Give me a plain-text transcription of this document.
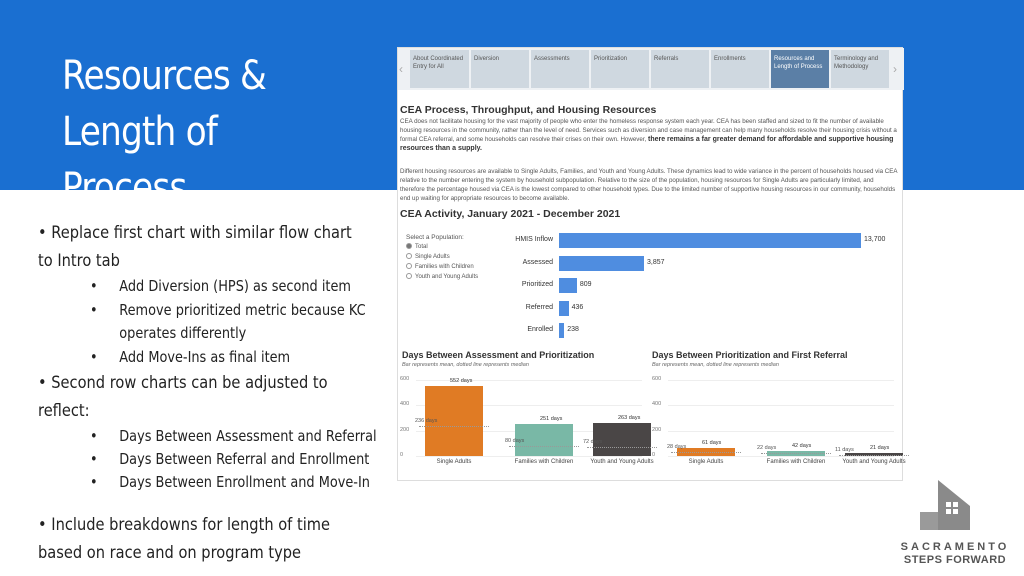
Resources &
Length of Process
• Replace first chart with similar flow chart
to Intro tab
• Add Diversion (HPS) as second item
• Remove prioritized metric because KC
operates differently
• Add Move-Ins as final item
• Second row charts can be adjusted to
reflect:
• Days Between Assessment and Referral
• Days Between Referral and Enrollment
• Days Between Enrollment and Move-In
• Include breakdowns for length of time
based on race and on program type
‹
About Coordinated Entry for All
Diversion	Assessments	Prioritization	Referrals	Enrollments	Resources and Length of Process
Terminology and Methodology	›
CEA Process, Throughput, and Housing Resources
CEA does not facilitate housing for the vast majority of people who enter the homeless response system each year. CEA has been staffed and sized to fit the number of available housing resources in the community, rather than the level of need. Services such as diversion and case management can help many households resolve their housing crisis without a formal CEA referral, and some households can resolve their crises on their own. However, there remains a far greater demand for affordable and supportive housing resources than a supply.
Different housing resources are available to Single Adults, Families, and Youth and Young Adults. These dynamics lead to wide variance in the percent of households housed via CEA relative to the number entering the system by household subpopulation. Relative to the size of the population, housing resources for Single Adults are particularly limited, and therefore the percentage housed via CEA is the lowest compared to other household types. Due to the limited number of supportive housing resources in our community, households end up waiting for appropriate resources to become available.
CEA Activity, January 2021 - December 2021
Select a Population:
Total
Single Adults
Families with Children
Youth and Young Adults
HMIS Inflow	13,700
Assessed	3,857
Prioritized	809
Referred	436
Enrolled 238
Days Between Assessment and Prioritization
Bar represents mean, dotted line represents median
Days Between Prioritization and First Referral
Bar represents mean, dotted line represents median
0
200
400
600	552 days
236 days
Single Adults
251 days
80 days
Families with Children
263 days
72 days
Youth and Young Adults
0
200
400
600
61 days
28 days
Single Adults
42 days
22 days
Families with Children
21 days
11 days
Youth and Young Adults
SACRAMENTO
STEPS FORWARD
